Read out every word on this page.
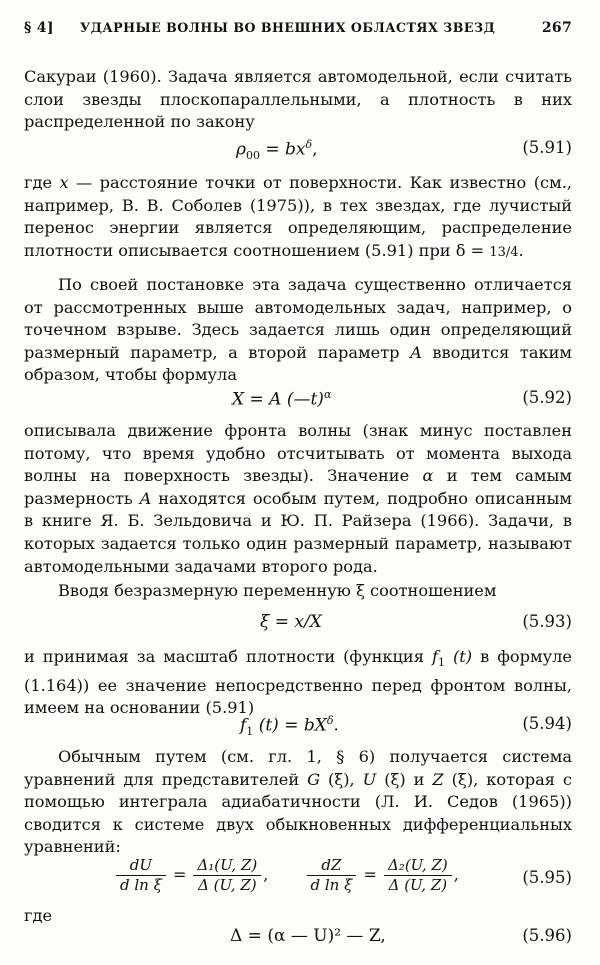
§ 4] УДАРНЫЕ ВОЛНЫ ВО ВНЕШНИХ ОБЛАСТЯХ ЗВЕЗД	267

Сакураи (1960). Задача является автомодельной, если считать слои звезды плоскопараллельными, а плотность в них распределенной по закону

$\rho_{00} = bx^\delta$,	(5.91)

где x — расстояние точки от поверхности. Как известно (см., например, В. В. Соболев (1975)), в тех звездах, где лучистый перенос энергии является определяющим, распределение плотности описывается соотношением (5.91) при δ = 13/4.

По своей постановке эта задача существенно отличается от рассмотренных выше автомодельных задач, например, о точечном взрыве. Здесь задается лишь один определяющий размерный параметр, а второй параметр A вводится таким образом, чтобы формула

X = A (—t)$^\alpha$	(5.92)

описывала движение фронта волны (знак минус поставлен потому, что время удобно отсчитывать от момента выхода волны на поверхность звезды). Значение α и тем самым размерность A находятся особым путем, подробно описанным в книге Я. Б. Зельдовича и Ю. П. Райзера (1966). Задачи, в которых задается только один размерный параметр, называют автомодельными задачами второго рода.

Вводя безразмерную переменную ξ соотношением

ξ = x/X	(5.93)

и принимая за масштаб плотности (функция $f_1$ (t) в формуле (1.164)) ее значение непосредственно перед фронтом волны, имеем на основании (5.91)

$f_1$ $(t) = bX^\delta$.	(5.94)

Обычным путем (см. гл. 1, § 6) получается система уравнений для представителей G (ξ), U (ξ) и Z (ξ), которая с помощью интеграла адиабатичности (Л. И. Седов (1965)) сводится к системе двух обыкновенных дифференциальных уравнений:

$\frac{dU}{\text{d ln ξ}} = \frac{\text{Δ₁(U, Z)}}{\Delta (U, Z)}$ ,	$\frac{dZ}{\text{d ln ξ}} = \frac{\text{Δ₂(U, Z)}}{\Delta (U, Z)}$ ,	(5.95)
где
Δ = (α — U)² — Z,	(5.96)
